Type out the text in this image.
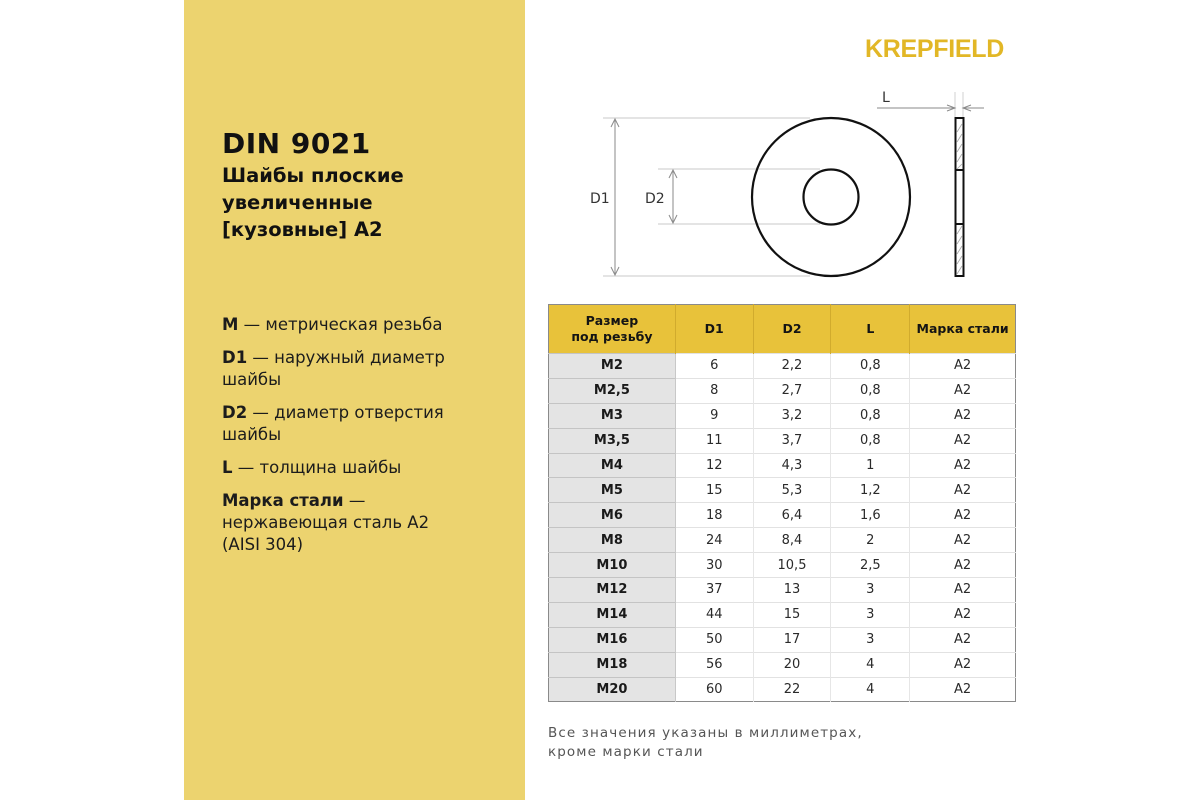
DIN 9021
Шайбы плоские
увеличенные
[кузовные] А2
M — метрическая резьба
D1 — наружный диаметр шайбы
D2 — диаметр отверстия шайбы
L — толщина шайбы
Марка стали — нержавеющая сталь А2 (AISI 304)
KREPFIELD
D1	D2
L
Размер под резьбу	D1	D2	L	Марка стали
M2	6	2,2	0,8	A2
M2,5	8	2,7	0,8	A2
M3	9	3,2	0,8	A2
M3,5	11	3,7	0,8	A2
M4	12	4,3	1	A2
M5	15	5,3	1,2	A2
M6	18	6,4	1,6	A2
M8	24	8,4	2	A2
M10	30	10,5	2,5	A2
M12	37	13	3	A2
M14	44	15	3	A2
M16	50	17	3	A2
M18	56	20	4	A2
M20	60	22	4	A2
Все значения указаны в миллиметрах,
кроме марки стали
